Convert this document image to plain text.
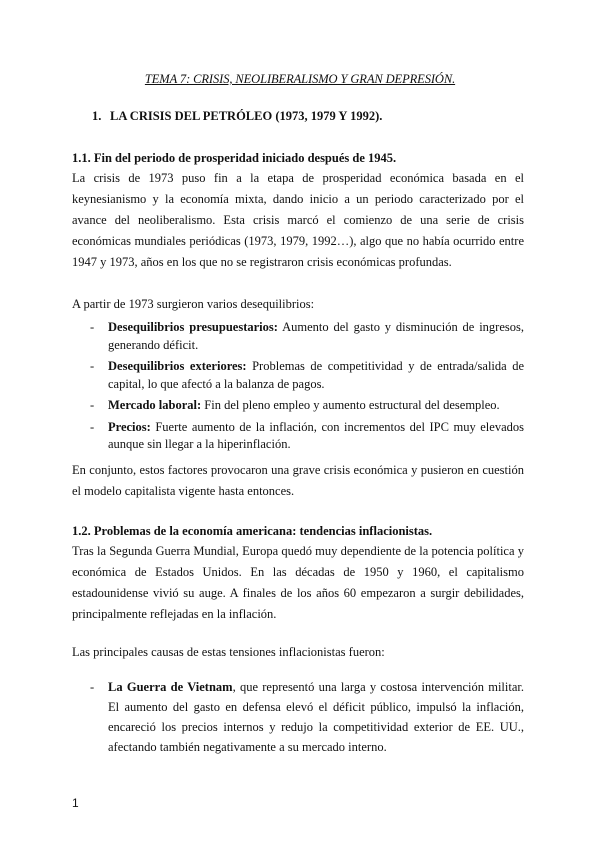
TEMA 7: CRISIS, NEOLIBERALISMO Y GRAN DEPRESIÓN.
1. LA CRISIS DEL PETRÓLEO (1973, 1979 Y 1992).
1.1. Fin del periodo de prosperidad iniciado después de 1945.

La crisis de 1973 puso fin a la etapa de prosperidad económica basada en el keynesianismo y la economía mixta, dando inicio a un periodo caracterizado por el avance del neoliberalismo. Esta crisis marcó el comienzo de una serie de crisis económicas mundiales periódicas (1973, 1979, 1992…), algo que no había ocurrido entre 1947 y 1973, años en los que no se registraron crisis económicas profundas.

A partir de 1973 surgieron varios desequilibrios:

- Desequilibrios presupuestarios: Aumento del gasto y disminución de ingresos, generando déficit.
- Desequilibrios exteriores: Problemas de competitividad y de entrada/salida de capital, lo que afectó a la balanza de pagos.
- Mercado laboral: Fin del pleno empleo y aumento estructural del desempleo.
- Precios: Fuerte aumento de la inflación, con incrementos del IPC muy elevados aunque sin llegar a la hiperinflación.

En conjunto, estos factores provocaron una grave crisis económica y pusieron en cuestión el modelo capitalista vigente hasta entonces.

1.2. Problemas de la economía americana: tendencias inflacionistas.

Tras la Segunda Guerra Mundial, Europa quedó muy dependiente de la potencia política y económica de Estados Unidos. En las décadas de 1950 y 1960, el capitalismo estadounidense vivió su auge. A finales de los años 60 empezaron a surgir debilidades, principalmente reflejadas en la inflación.

Las principales causas de estas tensiones inflacionistas fueron:

- La Guerra de Vietnam, que representó una larga y costosa intervención militar. El aumento del gasto en defensa elevó el déficit público, impulsó la inflación, encareció los precios internos y redujo la competitividad exterior de EE. UU., afectando también negativamente a su mercado interno.
1
